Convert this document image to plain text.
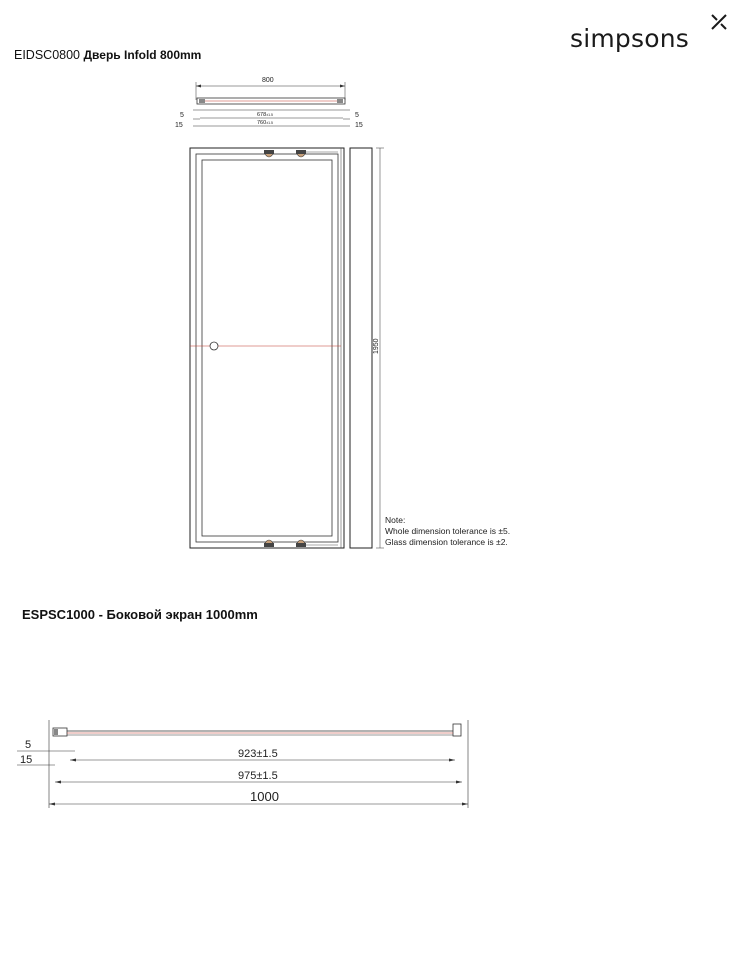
EIDSC0800 Дверь Infold 800mm
simpsons
800
678±1.5
760±1.5
5
15
5
15
1950
Note:
Whole dimension tolerance is ±5.
Glass dimension tolerance is ±2.
ESPSC1000 - Боковой экран 1000mm
923±1.5
975±1.5
1000
5
15
